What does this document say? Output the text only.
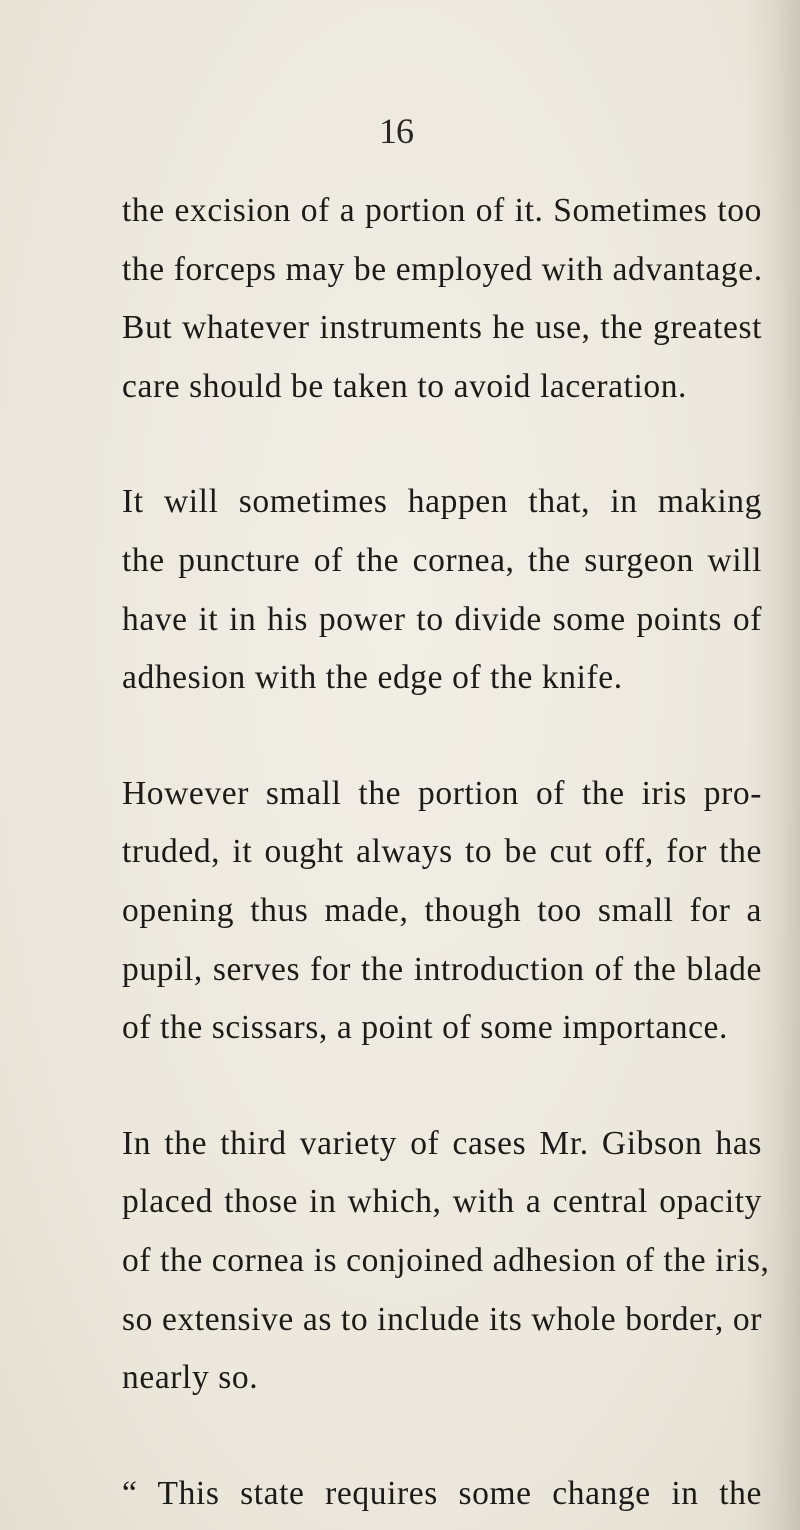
16
the excision of a portion of it. Sometimes too
the forceps may be employed with advantage.
But whatever instruments he use, the greatest
care should be taken to avoid laceration.
It will sometimes happen that, in making
the puncture of the cornea, the surgeon will
have it in his power to divide some points of
adhesion with the edge of the knife.
However small the portion of the iris pro-
truded, it ought always to be cut off, for the
opening thus made, though too small for a
pupil, serves for the introduction of the blade
of the scissars, a point of some importance.
In the third variety of cases Mr. Gibson has
placed those in which, with a central opacity
of the cornea is conjoined adhesion of the iris,
so extensive as to include its whole border, or
nearly so.
“ This state requires some change in the
